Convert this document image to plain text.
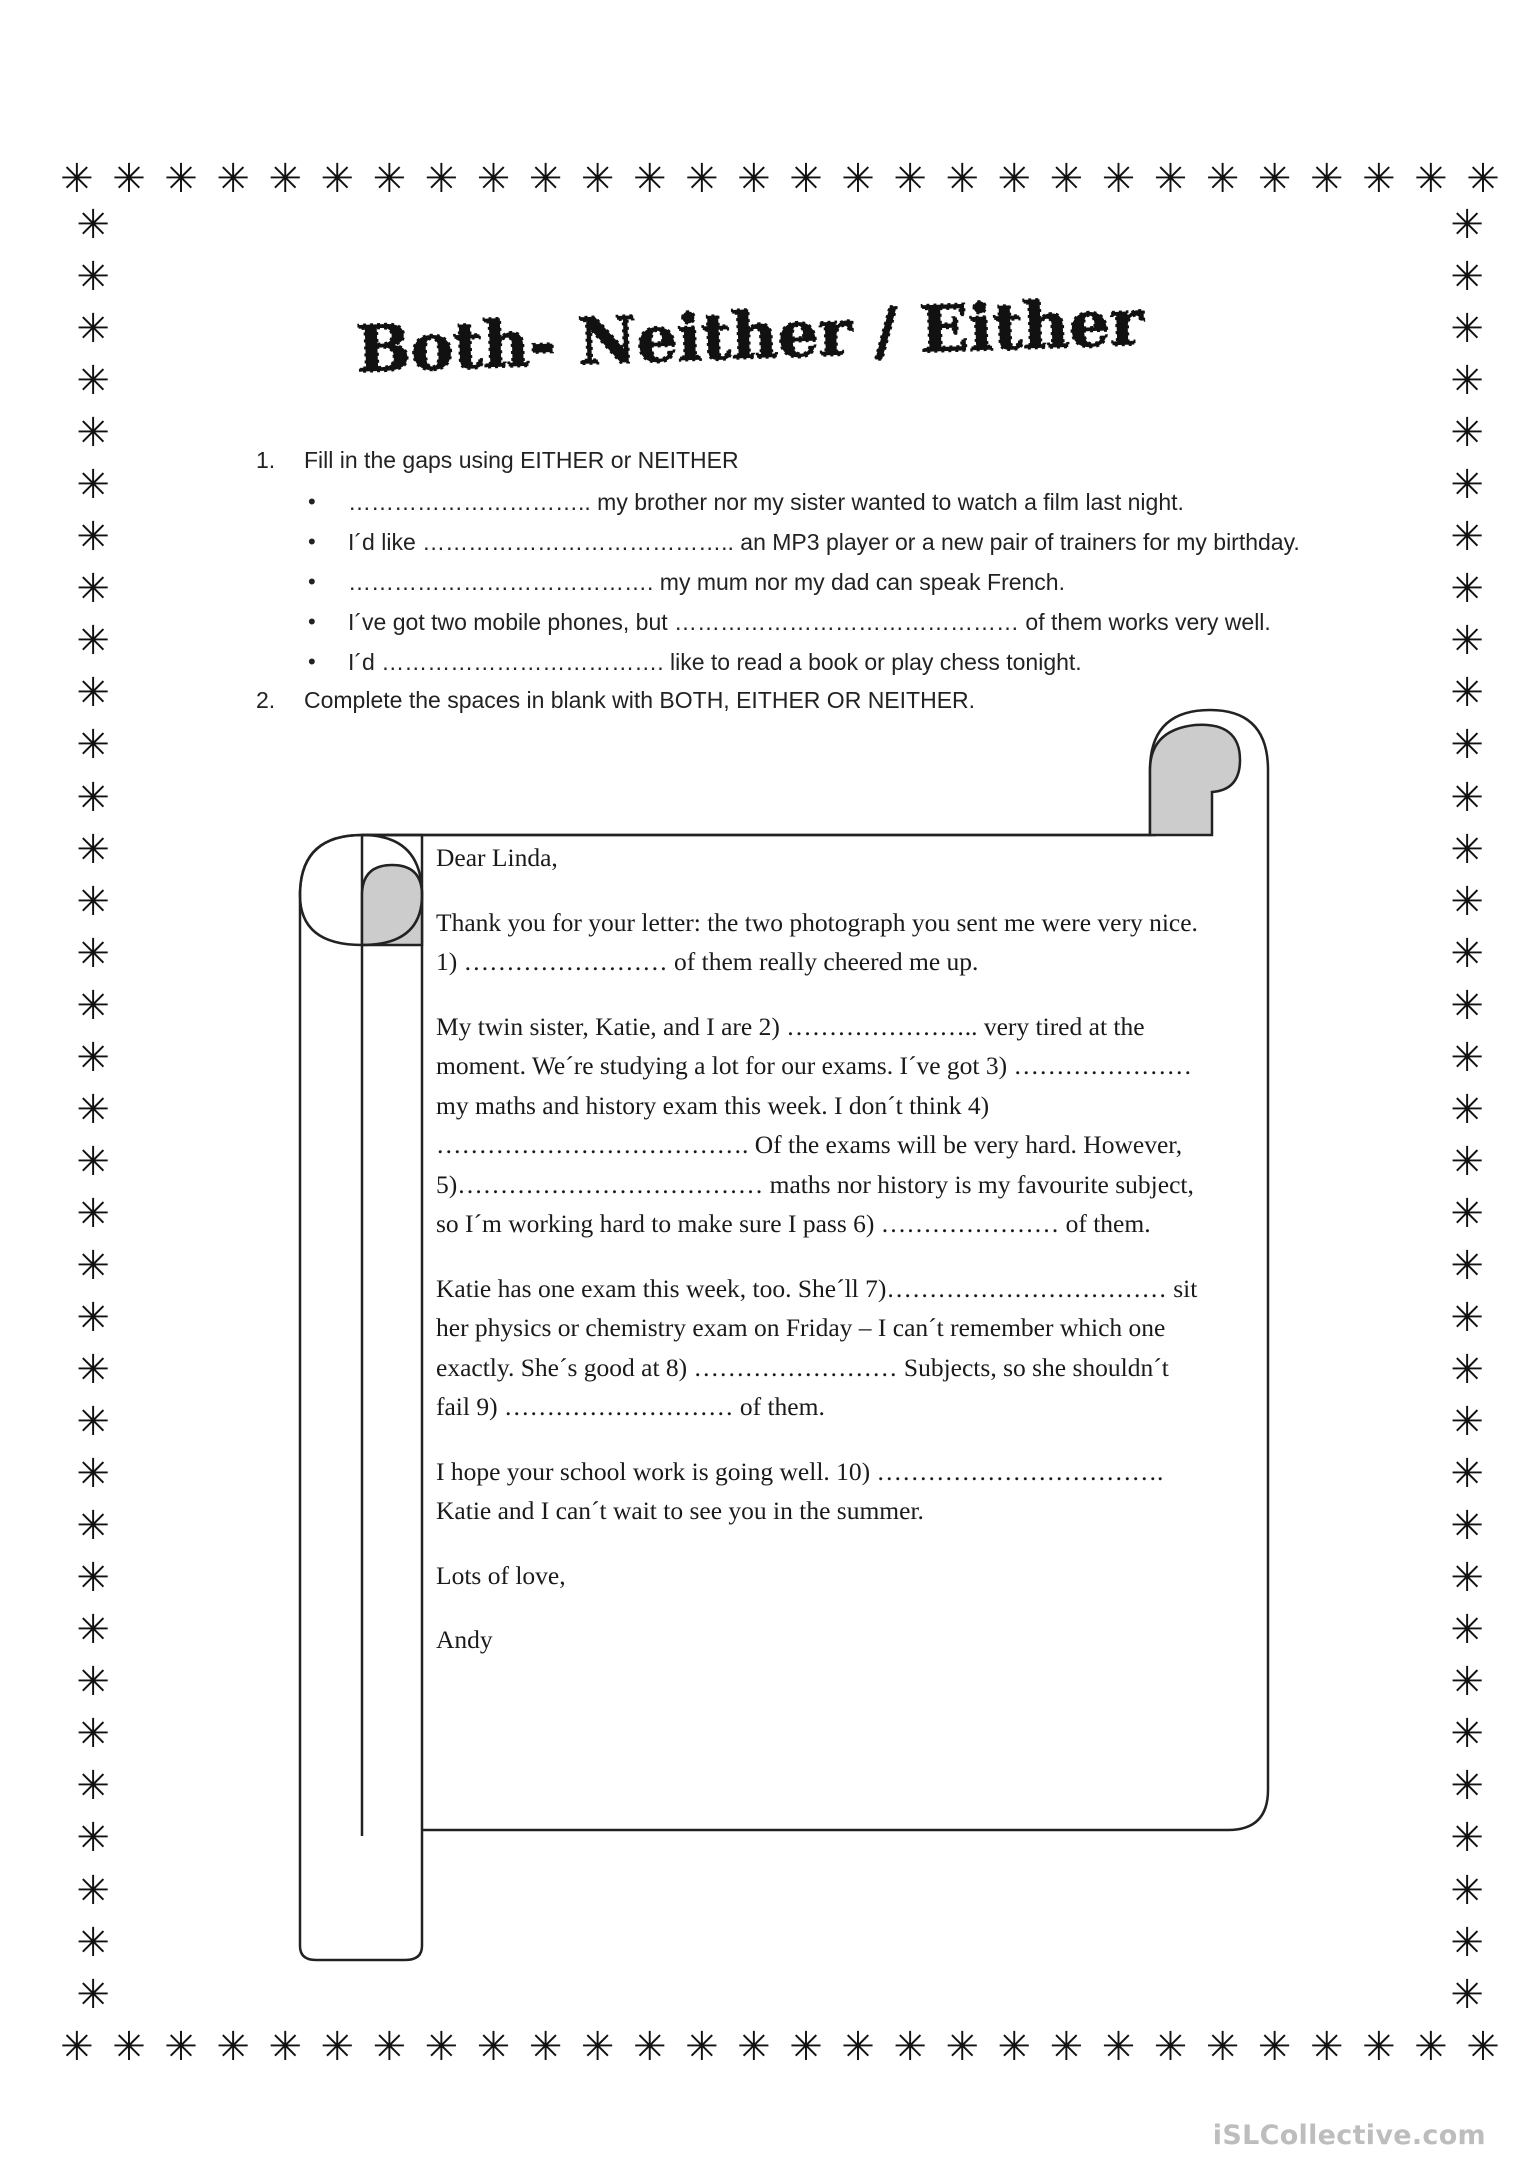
✳ ✳ ✳ ✳ ✳ ✳ ✳ ✳ ✳ ✳ ✳ ✳ ✳ ✳ ✳ ✳ ✳ ✳ ✳ ✳ ✳ ✳ ✳ ✳ ✳ ✳ ✳ ✳
✳ ✳ ✳ ✳ ✳ ✳ ✳ ✳ ✳ ✳ ✳ ✳ ✳ ✳ ✳ ✳ ✳ ✳ ✳ ✳ ✳ ✳ ✳ ✳ ✳ ✳ ✳ ✳
✳
✳
✳
✳
✳
✳
✳
✳
✳
✳
✳
✳
✳
✳
✳
✳
✳
✳
✳
✳
✳
✳
✳
✳
✳
✳
✳
✳
✳
✳
✳
✳
✳
✳
✳
✳
✳
✳
✳
✳
✳
✳
✳
✳
✳
✳
✳
✳
✳
✳
✳
✳
✳
✳
✳
✳
✳
✳
✳
✳
✳
✳
✳
✳
✳
✳
✳
✳
✳
✳
Both- Neither / Either
1. Fill in the gaps using EITHER or NEITHER
• ………………………….. my brother nor my sister wanted to watch a film last night.
• I´d like ………………………………….. an MP3 player or a new pair of trainers for my birthday.
• …………………………………. my mum nor my dad can speak French.
• I´ve got two mobile phones, but ……………………………………… of them works very well.
• I´d ………………………………. like to read a book or play chess tonight.
2. Complete the spaces in blank with BOTH, EITHER OR NEITHER.

Dear Linda,

Thank you for your letter: the two photograph you sent me were very nice. 1) …………………… of them really cheered me up.

My twin sister, Katie, and I are 2) ………………….. very tired at the moment. We´re studying a lot for our exams. I´ve got 3) ………………… my maths and history exam this week. I don´t think 4) ………………………………. Of the exams will be very hard. However, 5)……………………………… maths nor history is my favourite subject, so I´m working hard to make sure I pass 6) ………………… of them.

Katie has one exam this week, too. She´ll 7)…………………………… sit her physics or chemistry exam on Friday – I can´t remember which one exactly. She´s good at 8) …………………… Subjects, so she shouldn´t fail 9) ……………………… of them.

I hope your school work is going well. 10) ……………………………. Katie and I can´t wait to see you in the summer.

Lots of love,

Andy

iSLCollective.com
